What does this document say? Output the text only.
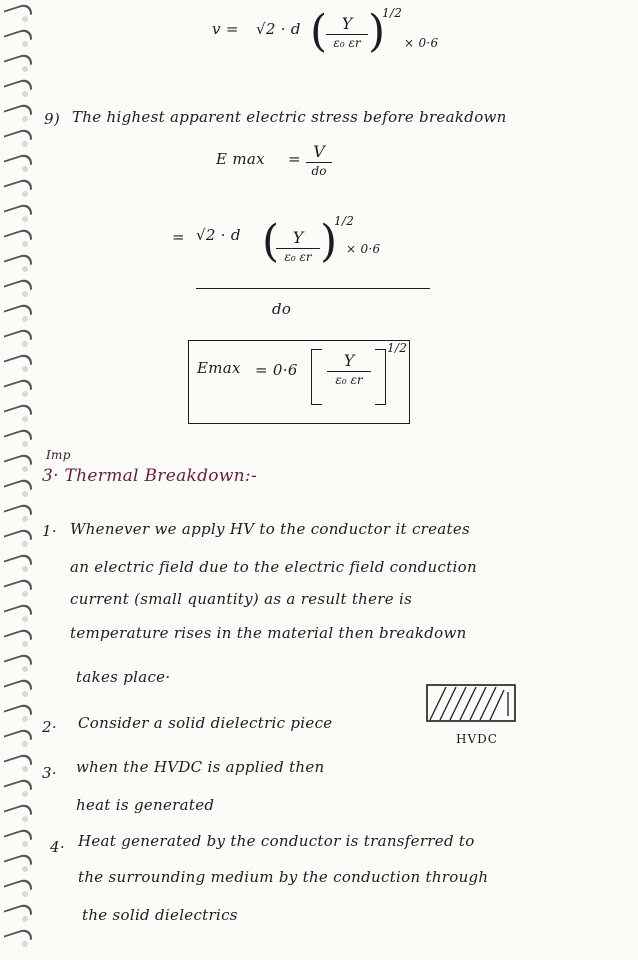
v = √2 · d ( Y
ε₀ εr )
1/2
× 0·6
9) The highest apparent electric stress before breakdown
E max = V
do
= √2 · d ( Y
ε₀ εr )
1/2
× 0·6
do
Emax = 0·6	Y
ε₀ εr
1/2
Imp
3· Thermal Breakdown:-
1· Whenever we apply HV to the conductor it creates
an electric field due to the electric field conduction
current (small quantity) as a result there is
temperature rises in the material then breakdown
takes place·
2· Consider a solid dielectric piece
HVDC
3· when the HVDC is applied then
heat is generated
4· Heat generated by the conductor is transferred to
the surrounding medium by the conduction through
the solid dielectrics
